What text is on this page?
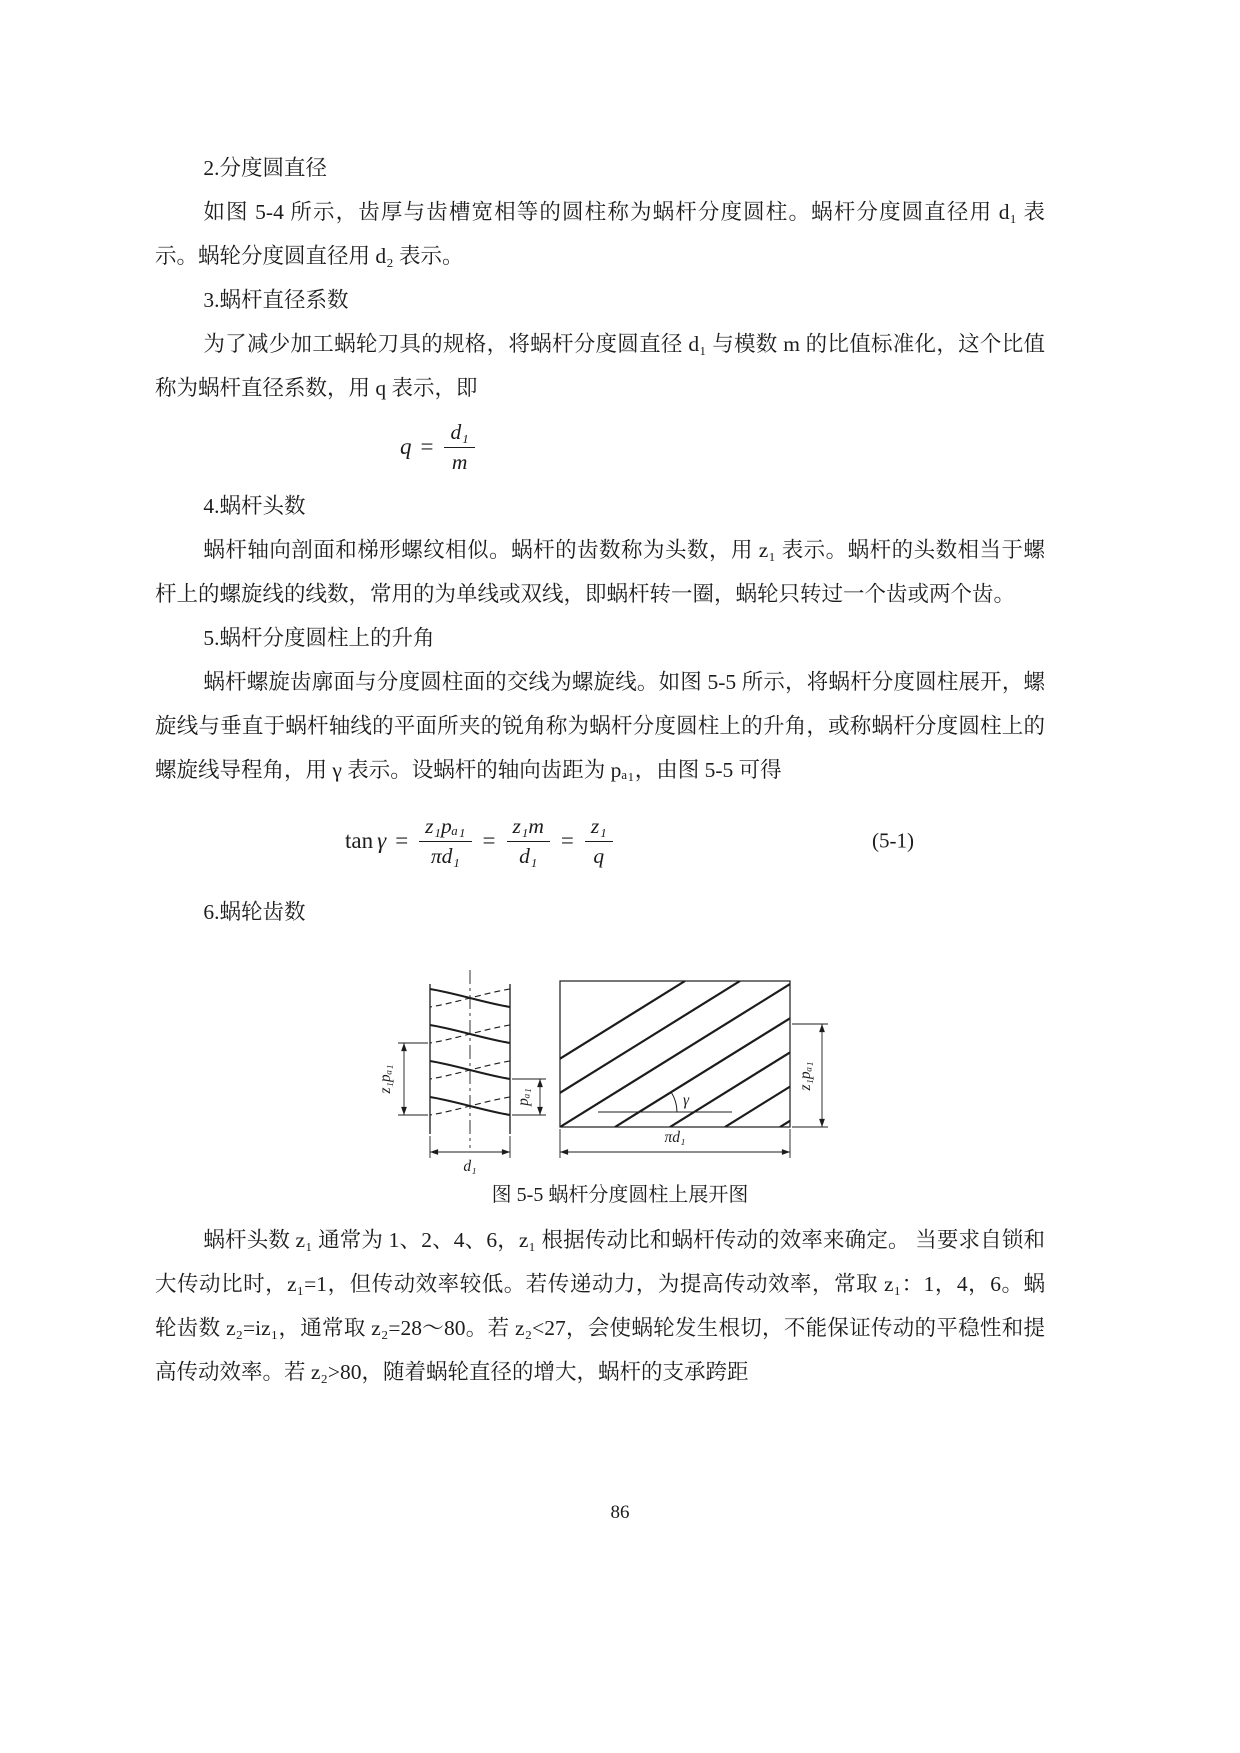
2.分度圆直径

如图 5-4 所示，齿厚与齿槽宽相等的圆柱称为蜗杆分度圆柱。蜗杆分度圆直径用 d₁ 表示。蜗轮分度圆直径用 d₂ 表示。

3.蜗杆直径系数

为了减少加工蜗轮刀具的规格，将蜗杆分度圆直径 d₁ 与模数 m 的比值标准化，这个比值称为蜗杆直径系数，用 q 表示，即

$q = \frac{\text{d₁}}{m}$
4.蜗杆头数

蜗杆轴向剖面和梯形螺纹相似。蜗杆的齿数称为头数，用 z₁ 表示。蜗杆的头数相当于螺杆上的螺旋线的线数，常用的为单线或双线，即蜗杆转一圈，蜗轮只转过一个齿或两个齿。

5.蜗杆分度圆柱上的升角

蜗杆螺旋齿廓面与分度圆柱面的交线为螺旋线。如图 5-5 所示，将蜗杆分度圆柱展开，螺旋线与垂直于蜗杆轴线的平面所夹的锐角称为蜗杆分度圆柱上的升角，或称蜗杆分度圆柱上的螺旋线导程角，用 γ 表示。设蜗杆的轴向齿距为 pₐ₁，由图 5-5 可得

$\tan \gamma = \frac{\text{z₁pₐ₁}}{\text{πd₁}} = \frac{\text{z₁m}}{\text{d₁}} = \frac{\text{z₁}}{q}$	(5-1)
6.蜗轮齿数
z₁pₐ₁
pₐ₁
d₁
γ
πd₁
z₁pₐ₁
图 5-5 蜗杆分度圆柱上展开图

蜗杆头数 z₁ 通常为 1、2、4、6，z₁ 根据传动比和蜗杆传动的效率来确定。 当要求自锁和大传动比时，z₁=1，但传动效率较低。若传递动力，为提高传动效率，常取 z₁：1，4，6。蜗轮齿数 z₂=iz₁，通常取 z₂=28～80。若 z₂<27，会使蜗轮发生根切，不能保证传动的平稳性和提高传动效率。若 z₂>80，随着蜗轮直径的增大，蜗杆的支承跨距

86
